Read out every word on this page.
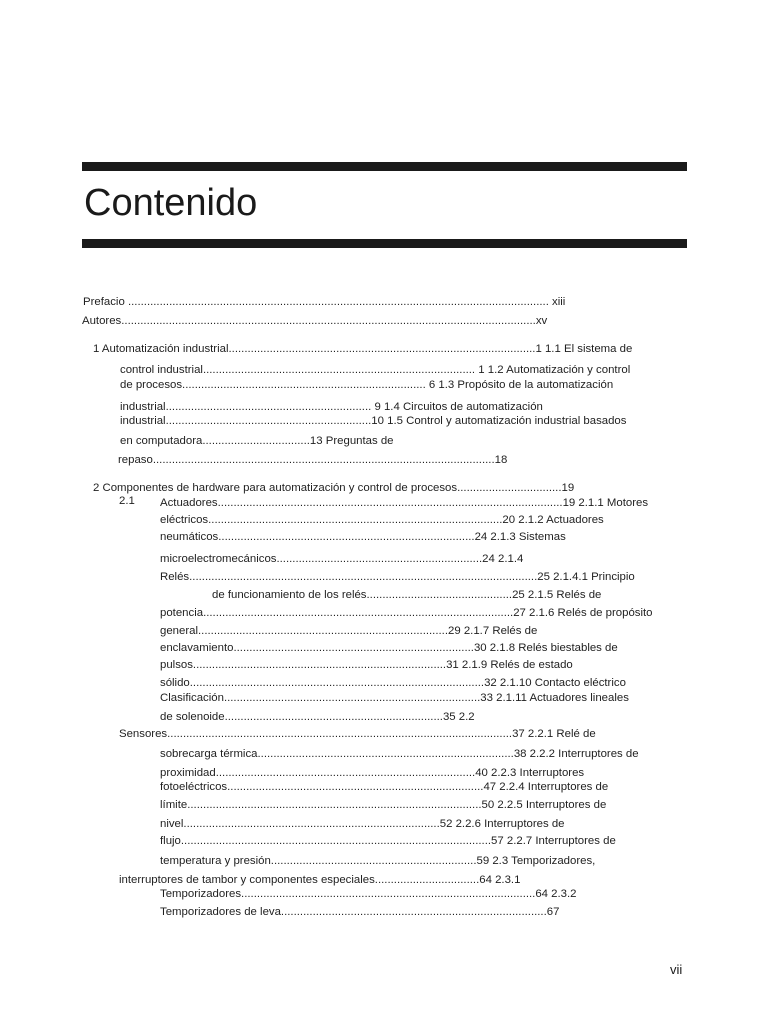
Contenido
Prefacio ..................................................................................................................................... xiii
Autores...................................................................................................................................xv
1 Automatización industrial.................................................................................................1 1.1 El sistema de
control industrial...................................................................................... 1 1.2 Automatización y control
de procesos............................................................................. 6 1.3 Propósito de la automatización
industrial................................................................. 9 1.4 Circuitos de automatización
industrial.................................................................10 1.5 Control y automatización industrial basados
en computadora..................................13 Preguntas de
repaso............................................................................................................18
2 Componentes de hardware para automatización y control de procesos.................................19
2.1 Actuadores.............................................................................................................19 2.1.1 Motores
eléctricos.............................................................................................20 2.1.2 Actuadores
neumáticos.................................................................................24 2.1.3 Sistemas
microelectromecánicos.................................................................24 2.1.4
Relés..............................................................................................................25 2.1.4.1 Principio
de funcionamiento de los relés..............................................25 2.1.5 Relés de
potencia..................................................................................................27 2.1.6 Relés de propósito
general...............................................................................29 2.1.7 Relés de
enclavamiento............................................................................30 2.1.8 Relés biestables de
pulsos................................................................................31 2.1.9 Relés de estado
sólido.............................................................................................32 2.1.10 Contacto eléctrico
Clasificación.................................................................................33 2.1.11 Actuadores lineales
de solenoide.....................................................................35 2.2
Sensores.............................................................................................................37 2.2.1 Relé de
sobrecarga térmica.................................................................................38 2.2.2 Interruptores de
proximidad..................................................................................40 2.2.3 Interruptores
fotoeléctricos.................................................................................47 2.2.4 Interruptores de
límite.............................................................................................50 2.2.5 Interruptores de
nivel.................................................................................52 2.2.6 Interruptores de
flujo..................................................................................................57 2.2.7 Interruptores de
temperatura y presión.................................................................59 2.3 Temporizadores,
interruptores de tambor y componentes especiales.................................64 2.3.1
Temporizadores.............................................................................................64 2.3.2
Temporizadores de leva....................................................................................67
vii
